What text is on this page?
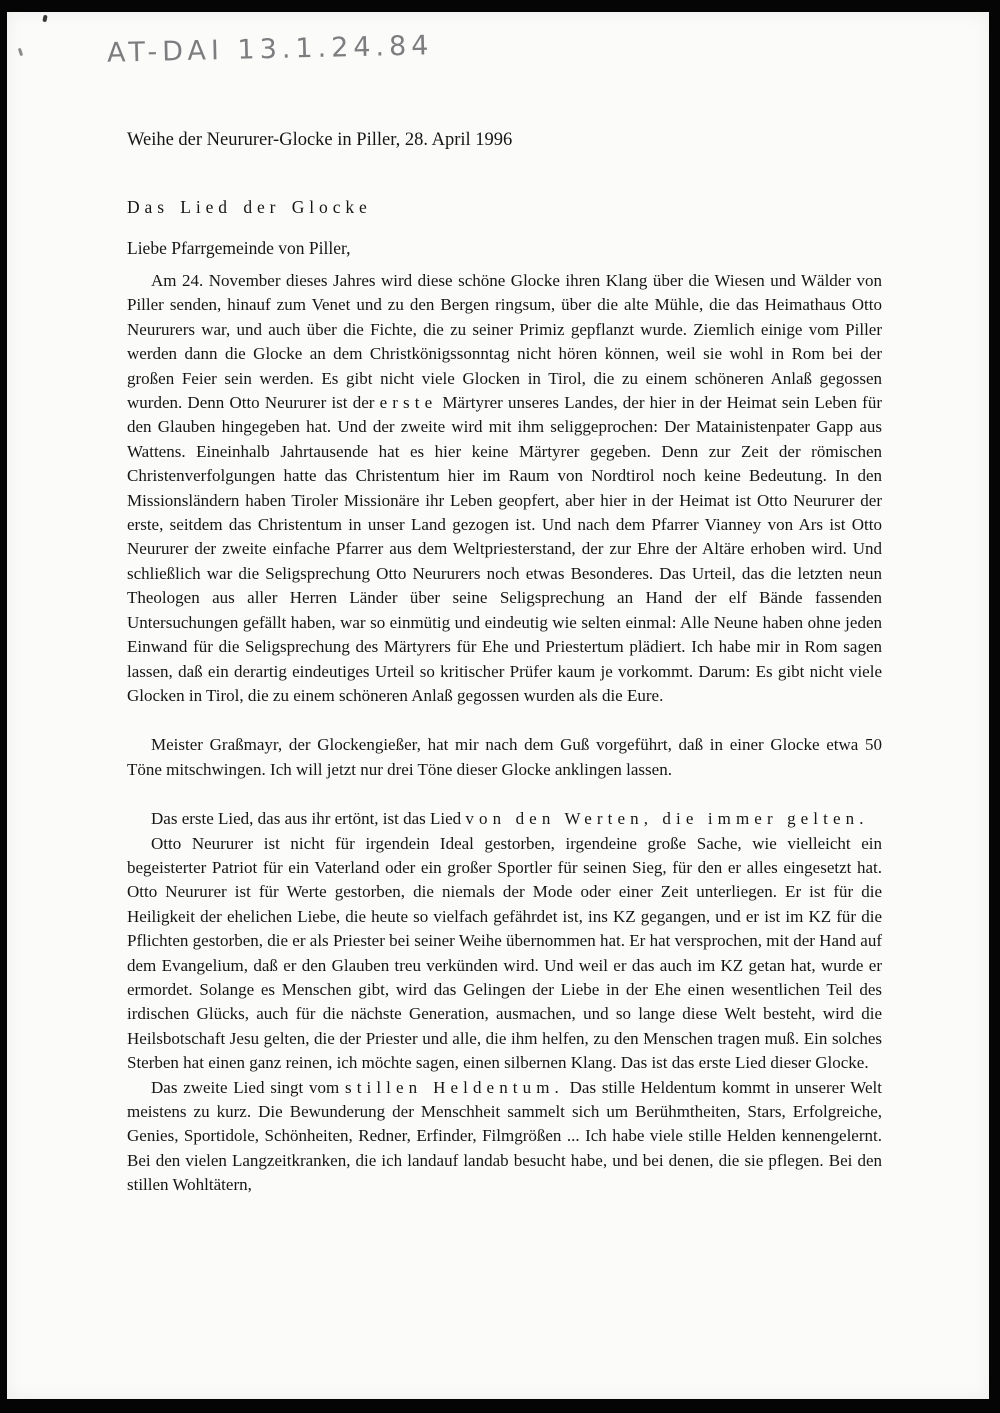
AT-DAI 13.1.24.84

Weihe der Neururer-Glocke in Piller, 28. April 1996

Das Lied der Glocke

Liebe Pfarrgemeinde von Piller,

Am 24. November dieses Jahres wird diese schöne Glocke ihren Klang über die Wiesen und Wälder von Piller senden, hinauf zum Venet und zu den Bergen ringsum, über die alte Mühle, die das Heimathaus Otto Neururers war, und auch über die Fichte, die zu seiner Primiz gepflanzt wurde. Ziemlich einige vom Piller werden dann die Glocke an dem Christkönigssonntag nicht hören können, weil sie wohl in Rom bei der großen Feier sein werden. Es gibt nicht viele Glocken in Tirol, die zu einem schöneren Anlaß gegossen wurden. Denn Otto Neururer ist der erste Märtyrer unseres Landes, der hier in der Heimat sein Leben für den Glauben hingegeben hat. Und der zweite wird mit ihm seliggeprochen: Der Matainistenpater Gapp aus Wattens. Eineinhalb Jahrtausende hat es hier keine Märtyrer gegeben. Denn zur Zeit der römischen Christenverfolgungen hatte das Christentum hier im Raum von Nordtirol noch keine Bedeutung. In den Missionsländern haben Tiroler Missionäre ihr Leben geopfert, aber hier in der Heimat ist Otto Neururer der erste, seitdem das Christentum in unser Land gezogen ist. Und nach dem Pfarrer Vianney von Ars ist Otto Neururer der zweite einfache Pfarrer aus dem Weltpriesterstand, der zur Ehre der Altäre erhoben wird. Und schließlich war die Seligsprechung Otto Neururers noch etwas Besonderes. Das Urteil, das die letzten neun Theologen aus aller Herren Länder über seine Seligsprechung an Hand der elf Bände fassenden Untersuchungen gefällt haben, war so einmütig und eindeutig wie selten einmal: Alle Neune haben ohne jeden Einwand für die Seligsprechung des Märtyrers für Ehe und Priestertum plädiert. Ich habe mir in Rom sagen lassen, daß ein derartig eindeutiges Urteil so kritischer Prüfer kaum je vorkommt. Darum: Es gibt nicht viele Glocken in Tirol, die zu einem schöneren Anlaß gegossen wurden als die Eure.

Meister Graßmayr, der Glockengießer, hat mir nach dem Guß vorgeführt, daß in einer Glocke etwa 50 Töne mitschwingen. Ich will jetzt nur drei Töne dieser Glocke anklingen lassen.

Das erste Lied, das aus ihr ertönt, ist das Lied von den Werten, die immer gelten.

Otto Neururer ist nicht für irgendein Ideal gestorben, irgendeine große Sache, wie vielleicht ein begeisterter Patriot für ein Vaterland oder ein großer Sportler für seinen Sieg, für den er alles eingesetzt hat. Otto Neururer ist für Werte gestorben, die niemals der Mode oder einer Zeit unterliegen. Er ist für die Heiligkeit der ehelichen Liebe, die heute so vielfach gefährdet ist, ins KZ gegangen, und er ist im KZ für die Pflichten gestorben, die er als Priester bei seiner Weihe übernommen hat. Er hat versprochen, mit der Hand auf dem Evangelium, daß er den Glauben treu verkünden wird. Und weil er das auch im KZ getan hat, wurde er ermordet. Solange es Menschen gibt, wird das Gelingen der Liebe in der Ehe einen wesentlichen Teil des irdischen Glücks, auch für die nächste Generation, ausmachen, und so lange diese Welt besteht, wird die Heilsbotschaft Jesu gelten, die der Priester und alle, die ihm helfen, zu den Menschen tragen muß. Ein solches Sterben hat einen ganz reinen, ich möchte sagen, einen silbernen Klang. Das ist das erste Lied dieser Glocke.

Das zweite Lied singt vom stillen Heldentum. Das stille Heldentum kommt in unserer Welt meistens zu kurz. Die Bewunderung der Menschheit sammelt sich um Berühmtheiten, Stars, Erfolgreiche, Genies, Sportidole, Schönheiten, Redner, Erfinder, Filmgrößen ... Ich habe viele stille Helden kennengelernt. Bei den vielen Langzeitkranken, die ich landauf landab besucht habe, und bei denen, die sie pflegen. Bei den stillen Wohltätern,
